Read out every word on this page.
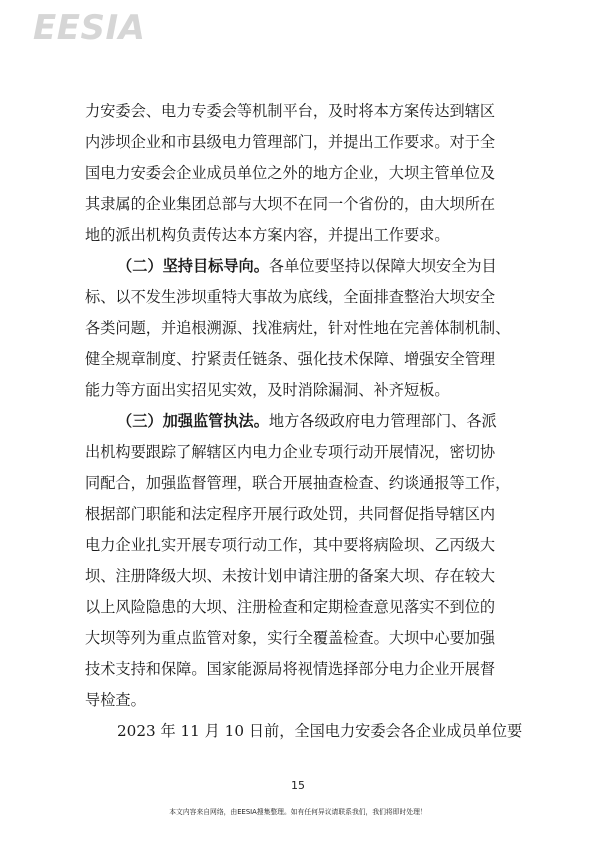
EESIA
力安委会、电力专委会等机制平台，及时将本方案传达到辖区
内涉坝企业和市县级电力管理部门，并提出工作要求。对于全
国电力安委会企业成员单位之外的地方企业，大坝主管单位及
其隶属的企业集团总部与大坝不在同一个省份的，由大坝所在
地的派出机构负责传达本方案内容，并提出工作要求。
（二）坚持目标导向。各单位要坚持以保障大坝安全为目
标、以不发生涉坝重特大事故为底线，全面排查整治大坝安全
各类问题，并追根溯源、找准病灶，针对性地在完善体制机制、
健全规章制度、拧紧责任链条、强化技术保障、增强安全管理
能力等方面出实招见实效，及时消除漏洞、补齐短板。
（三）加强监管执法。地方各级政府电力管理部门、各派
出机构要跟踪了解辖区内电力企业专项行动开展情况，密切协
同配合，加强监督管理，联合开展抽查检查、约谈通报等工作，
根据部门职能和法定程序开展行政处罚，共同督促指导辖区内
电力企业扎实开展专项行动工作，其中要将病险坝、乙丙级大
坝、注册降级大坝、未按计划申请注册的备案大坝、存在较大
以上风险隐患的大坝、注册检查和定期检查意见落实不到位的
大坝等列为重点监管对象，实行全覆盖检查。大坝中心要加强
技术支持和保障。国家能源局将视情选择部分电力企业开展督
导检查。
2023 年 11 月 10 日前，全国电力安委会各企业成员单位要
15
本文内容来自网络，由EESIA搜集整理。如有任何异议请联系我们，我们将即时处理！
